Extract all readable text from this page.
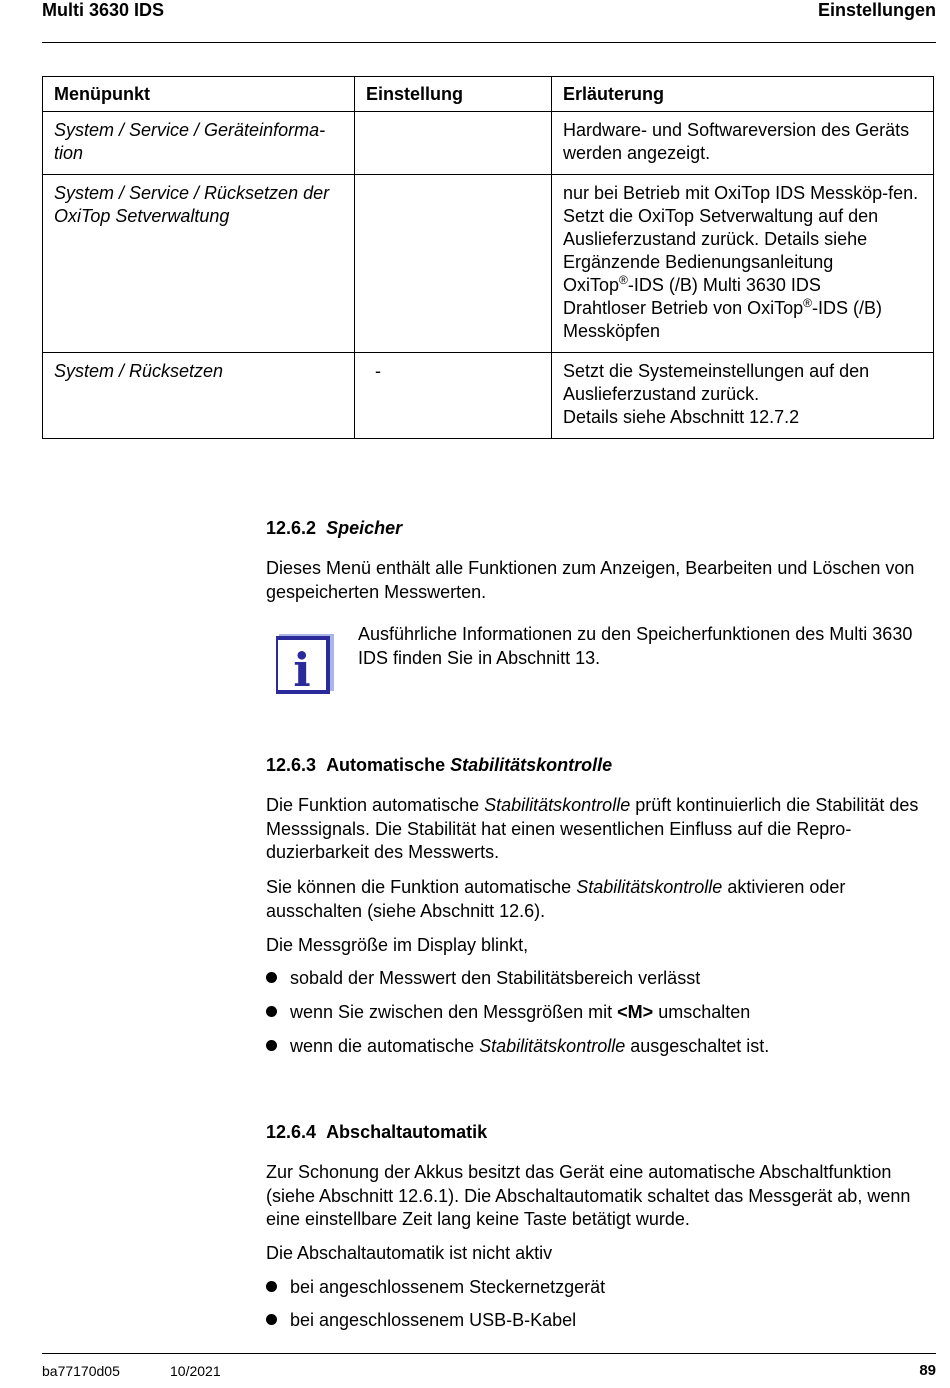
Multi 3630 IDS	Einstellungen
Menüpunkt	Einstellung	Erläuterung
System / Service / Geräteinforma-tion		Hardware- und Softwareversion des Geräts werden angezeigt.
System / Service / Rücksetzen der OxiTop Setverwaltung		nur bei Betrieb mit OxiTop IDS Messköp-fen.
Setzt die OxiTop Setverwaltung auf den Auslieferzustand zurück. Details siehe Ergänzende Bedienungsanleitung
OxiTop®-IDS (/B) Multi 3630 IDS
Drahtloser Betrieb von OxiTop®-IDS (/B) Messköpfen

System / Rücksetzen	-	Setzt die Systemeinstellungen auf den Auslieferzustand zurück.
Details siehe Abschnitt 12.7.2
12.6.2 Speicher

Dieses Menü enthält alle Funktionen zum Anzeigen, Bearbeiten und Löschen von gespeicherten Messwerten.

i

Ausführliche Informationen zu den Speicherfunktionen des Multi 3630 IDS finden Sie in Abschnitt 13.

12.6.3 Automatische Stabilitätskontrolle

Die Funktion automatische Stabilitätskontrolle prüft kontinuierlich die Stabilität des Messsignals. Die Stabilität hat einen wesentlichen Einfluss auf die Repro-duzierbarkeit des Messwerts.

Sie können die Funktion automatische Stabilitätskontrolle aktivieren oder ausschalten (siehe Abschnitt 12.6).

Die Messgröße im Display blinkt,

sobald der Messwert den Stabilitätsbereich verlässt

wenn Sie zwischen den Messgrößen mit <M> umschalten

wenn die automatische Stabilitätskontrolle ausgeschaltet ist.

12.6.4 Abschaltautomatik

Zur Schonung der Akkus besitzt das Gerät eine automatische Abschaltfunktion (siehe Abschnitt 12.6.1). Die Abschaltautomatik schaltet das Messgerät ab, wenn eine einstellbare Zeit lang keine Taste betätigt wurde.

Die Abschaltautomatik ist nicht aktiv

bei angeschlossenem Steckernetzgerät

bei angeschlossenem USB-B-Kabel

ba77170d05	10/2021	89
